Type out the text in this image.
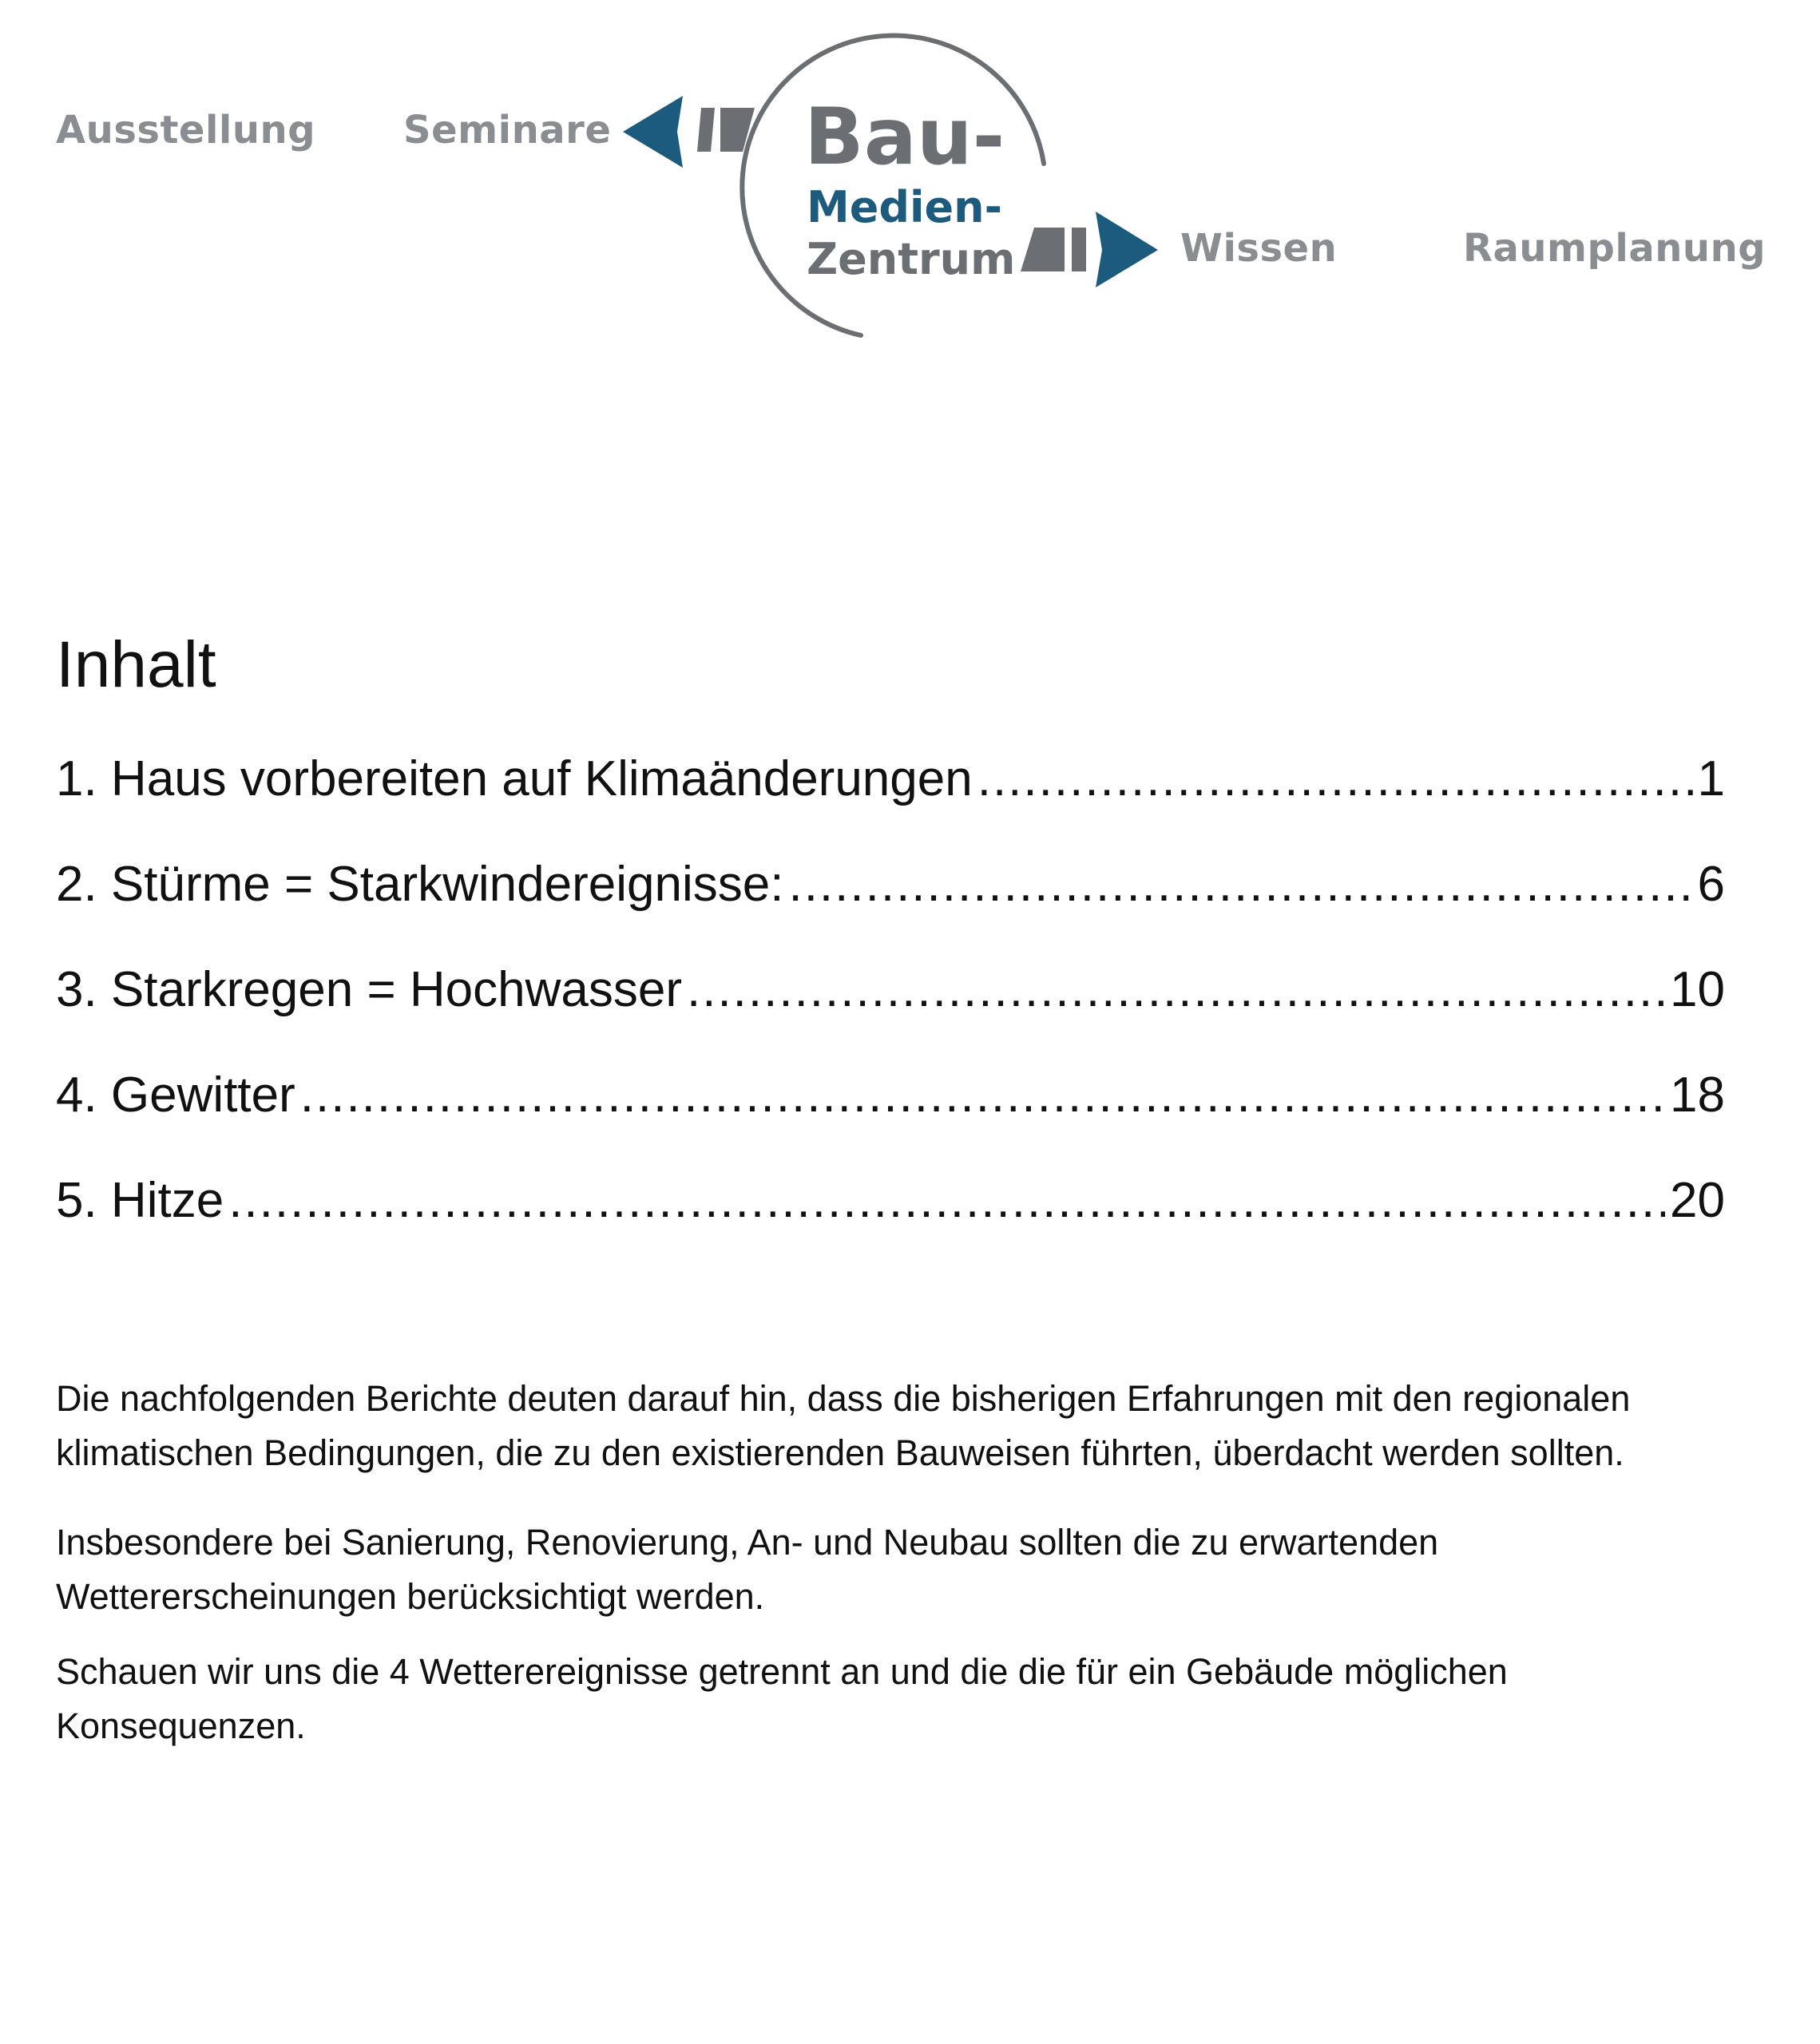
Ausstellung Seminare Bau-
Medien-
Zentrum	Wissen	Raumplanung
Inhalt
1. Haus vorbereiten auf Klimaänderungen .....	1
2. Stürme = Starkwindereignisse: .....	6
3. Starkregen = Hochwasser .....	10
4. Gewitter .....	18
5. Hitze .....	20

Die nachfolgenden Berichte deuten darauf hin, dass die bisherigen Erfahrungen mit den regionalen klimatischen Bedingungen, die zu den existierenden Bauweisen führten, überdacht werden sollten.

Insbesondere bei Sanierung, Renovierung, An- und Neubau sollten die zu erwartenden Wettererscheinungen berücksichtigt werden.

Schauen wir uns die 4 Wetterereignisse getrennt an und die die für ein Gebäude möglichen Konsequenzen.
